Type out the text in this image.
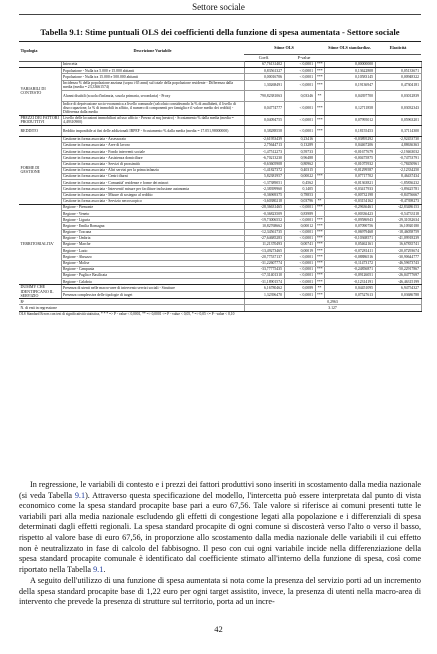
Settore sociale
Tabella 9.1: Stime puntuali OLS dei coefficienti della funzione di spesa aumentata - Settore sociale
Tipologia	Descrizione Variabile	Stime OLS			Stime OLS standardizz.	Elasticità
		Coeff.	P-value			
	Intercetta	67,76131402	< 0,0001	***	0,00000000	
VARIABILI DI CONTESTO	Popolazione - Nulla tra 5.000 e 15.000 abitanti	0,83561327	< 0,0001	***	0,13622808	0,05133671
	Popolazione - Nulla tra 15.000 e 500.000 abitanti	0,00016706	< 0,0001	***	0,10583145	0,00948322
	Incidenza % della popolazione anziana (sopra i 65 anni) sul totale della popolazione residente - Differenza dalla media (media = 23,33661574)	1,30268491	< 0,0001	***	0,19136947	0,47304181
	Alunni disabili (scuola d'infanzia, scuola primaria, secondaria) - Proxy	790,82381063	0,03346	**	0,04397700	0,03012839
	Indice di deprivazione socio-economica a livello comunale (calcolato considerando la % di analfabeti, il livello di disoccupazione, la % di immobili in affitto, il numero di componenti per famiglia e il valore medio dei redditi) - Differenza dalla media	0,04774777	< 0,0001	***	0,12711858	0,03032343
PREZZI DEI FATTORI PRODUTTIVI	Livello delle locazioni immobiliari ad uso ufficio - Prezzo al mq (neutro) - Scostamento % dalla media (media = 4,49310900)	0,04094755	< 0,0001	***	0,07995012	0,05963201
REDDITO	Reddito imponibile ai fini delle addizionali IRPEF - Scostamento % dalla media (media = 17.051,98000000)	0,38288558	< 0,0001	***	0,18155453	0,37114300
FORME DI GESTIONE	Gestione in forma associata - Assessorato	-2,61953439	0,23416		-0,03895292	-2,92453730
	Gestione in forma associata - Aree di lavoro	2,75644713	0,13289		0,04467206	4,88636363
	Gestione in forma associata - Fondo interventi sociale	-1,47512273	0,59733		-0,01677679	-2,19463032
	Gestione in forma associata - Assistenza domiciliare	-6,70213230	0,96488		-0,00475875	-0,74753791
	Gestione in forma associata - Servizi di prossimità	-0,63605908	0,80962		-0,01075932	-1,78450961
	Gestione in forma associata - Altri servizi per la prima infanzia	-1,41827372	0,40315		-0,01299587	-2,12334250
	Gestione in forma associata - Centri diurni	5,82381957	0,00022	***	0,07717702	8,46437434
	Gestione in forma associata - Comunità' residenze e forme dei minori	-1,37389051	0,4562		-0,01363821	-1,85836232
	Gestione in forma associata - Interventi/ misure per facilitare inclusione autonomia	-2,38399960	0,1405		-0,03417933	-3,89425781
	Gestione in forma associata - Misure di sostegno al reddito	-0,36969375	0,78853		-0,00732198	-0,84756667
	Gestione in forma associata - Servizio necroscopico	-3,60380218	0,03796	**	-0,03154162	-8,47398273
TERRITORIALITA'	Regione - Piemonte	-28,36631465	< 0,0001	***	-0,29636461	-42,83486153
	Regione - Veneto	-0,36823509	0,83989		-0,00336423	-0,54733118
	Regione - Liguria	-19,73006552	< 0,0001	***	-0,09586943	-29,31032634
	Regione - Emilia Romagna	10,82768662	0,00012	***	0,07090756	16,10920180
	Regione - Toscana	-12,34561735	< 0,0001	***	-0,06979468	-18,46058759
	Regione - Umbria	-27,64685283	< 0,0001	***	-0,10368571	-41,09918239
	Regione - Marche	11,21370493	0,00741	***	0,05462161	16,67835741
	Regione - Lazio	-13,49273465	0,00019	***	-0,07281411	-20,07293674
	Regione - Abruzzo	-20,77537137	< 0,0001	***	-0,08886516	-30,90644777
	Regione - Molise	-31,22607774	< 0,0001	***	-0,11473172	-46,59673743
	Regione - Campania	-33,77775435	< 0,0001	***	-0,24856871	-50,22917867
	Regione - Puglia e Basilicata	-17,31401310	< 0,0001	***	-0,09126051	-26,04777697
	Regione - Calabria	-31,18901574	< 0,0001	***	-0,12314191	-46,46315199
DUMMY CHE IDENTIFICANO IL SERVIZIO	Presenza di utenti nelle macro-aree di intervento servizi sociali - Strutture	6,16780462	0,0089	**	0,04451095	6,94754327
	Presenza complessiva delle tipologie di target	1,32396470	< 0,0001	***	0,07527613	0,03686788
R²		0,2963				
N. di enti in regressione		3.127				
OLS Standard Errors con test di significatività statistica, * * * => P - value < 0,0001, ** => 0,0001 <= P - value < 0,05, * => 0,05 <= P - value < 0,10
In regressione, le variabili di contesto e i prezzi dei fattori produttivi sono inseriti in scostamento dalla media nazionale (si veda Tabella 9.1). Attraverso questa specificazione del modello, l'intercetta può essere interpretata dal punto di vista economico come la spesa standard procapite base pari a euro 67,56. Tale valore si riferisce ai comuni presenti tutte le variabili pari alla media nazionale escludendo gli effetti di congestione legati alla popolazione e i differenziali di spesa determinati dagli effetti regionali. La spesa standard procapite di ogni comune si discosterà verso l'alto o verso il basso, rispetto al valore base di euro 67,56, in proporzione allo scostamento dalla media nazionale delle variabili il cui effetto non è neutralizzato in fase di calcolo del fabbisogno. Il peso con cui ogni variabile incide nella differenziazione della spesa standard procapite comunale è identificato dal coefficiente stimato all'interno della funzione di spesa, così come riportato nella Tabella 9.1.
A seguito dell'utilizzo di una funzione di spesa aumentata si nota come la presenza del servizio porti ad un incremento della spesa standard procapite base di 1,22 euro per ogni target assistito, invece, la presenza di utenti nella macro-area di intervento che prevede la presenza di strutture sul territorio, porta ad un incre-
42
